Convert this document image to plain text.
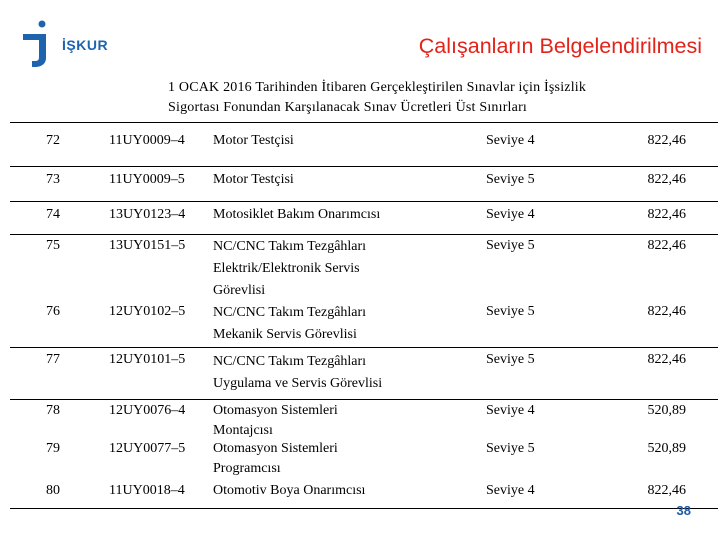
İŞKUR	Çalışanların Belgelendirilmesi
1 OCAK 2016 Tarihinden İtibaren Gerçekleştirilen Sınavlar için İşsizlik
Sigortası Fonundan Karşılanacak Sınav Ücretleri Üst Sınırları
72	11UY0009–4	Motor Testçisi	Seviye 4	822,46
73	11UY0009–5	Motor Testçisi	Seviye 5	822,46
74	13UY0123–4	Motosiklet Bakım Onarımcısı	Seviye 4	822,46
75	13UY0151–5	NC/CNC Takım Tezgâhları
Elektrik/Elektronik Servis
Görevlisi
Seviye 5	822,46
76	12UY0102–5	NC/CNC Takım Tezgâhları
Mekanik Servis Görevlisi
Seviye 5	822,46
77	12UY0101–5	NC/CNC Takım Tezgâhları
Uygulama ve Servis Görevlisi
Seviye 5	822,46
78	12UY0076–4	Otomasyon Sistemleri
Montajcısı
Seviye 4	520,89
79	12UY0077–5	Otomasyon Sistemleri
Programcısı
Seviye 5	520,89
80	11UY0018–4	Otomotiv Boya Onarımcısı	Seviye 4	822,46
38
